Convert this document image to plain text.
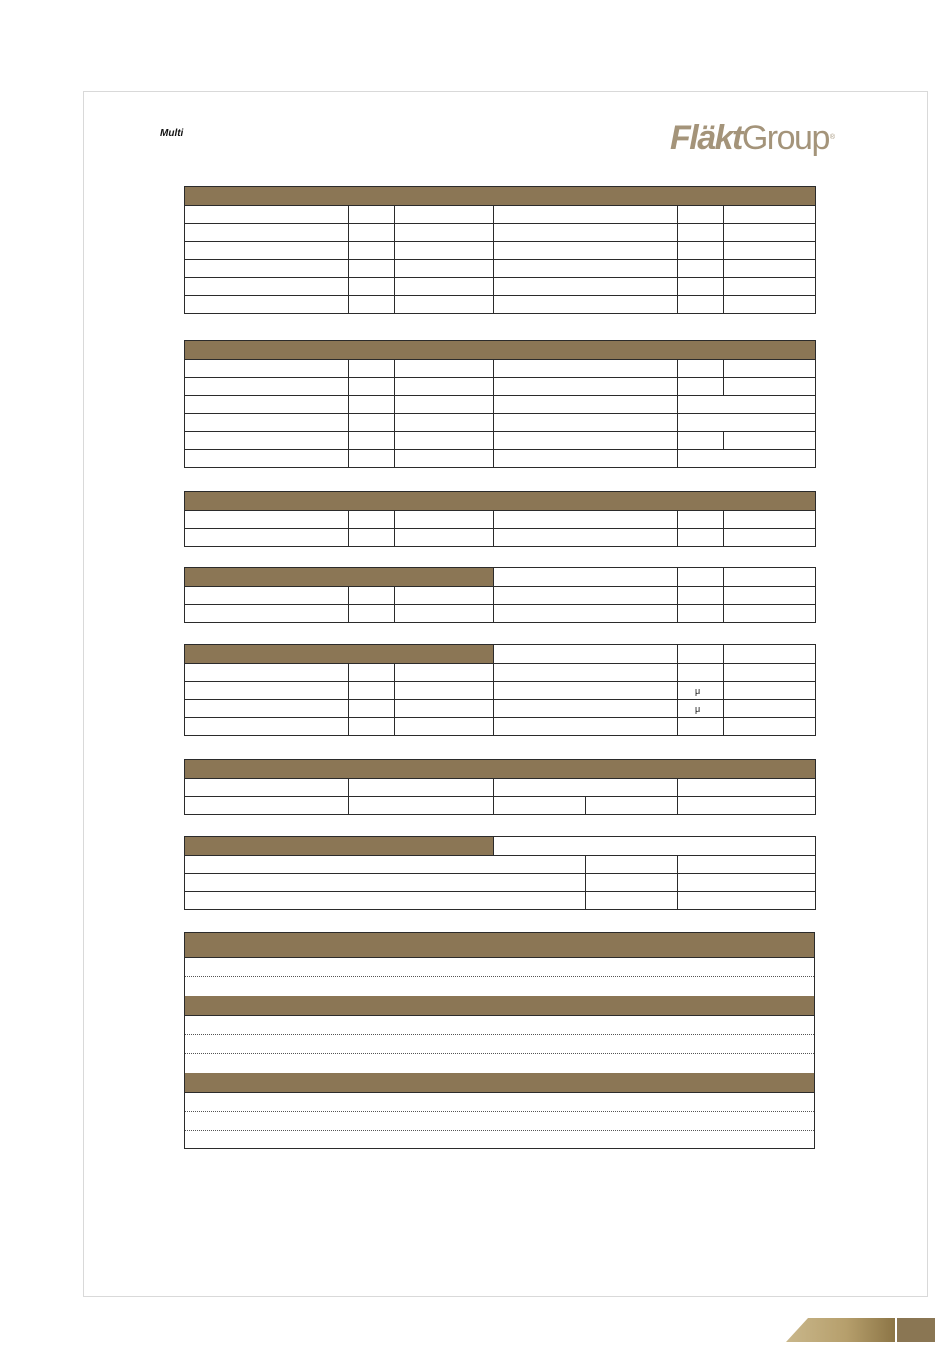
Multi	FläktGroup®

				μ	
				μ	
